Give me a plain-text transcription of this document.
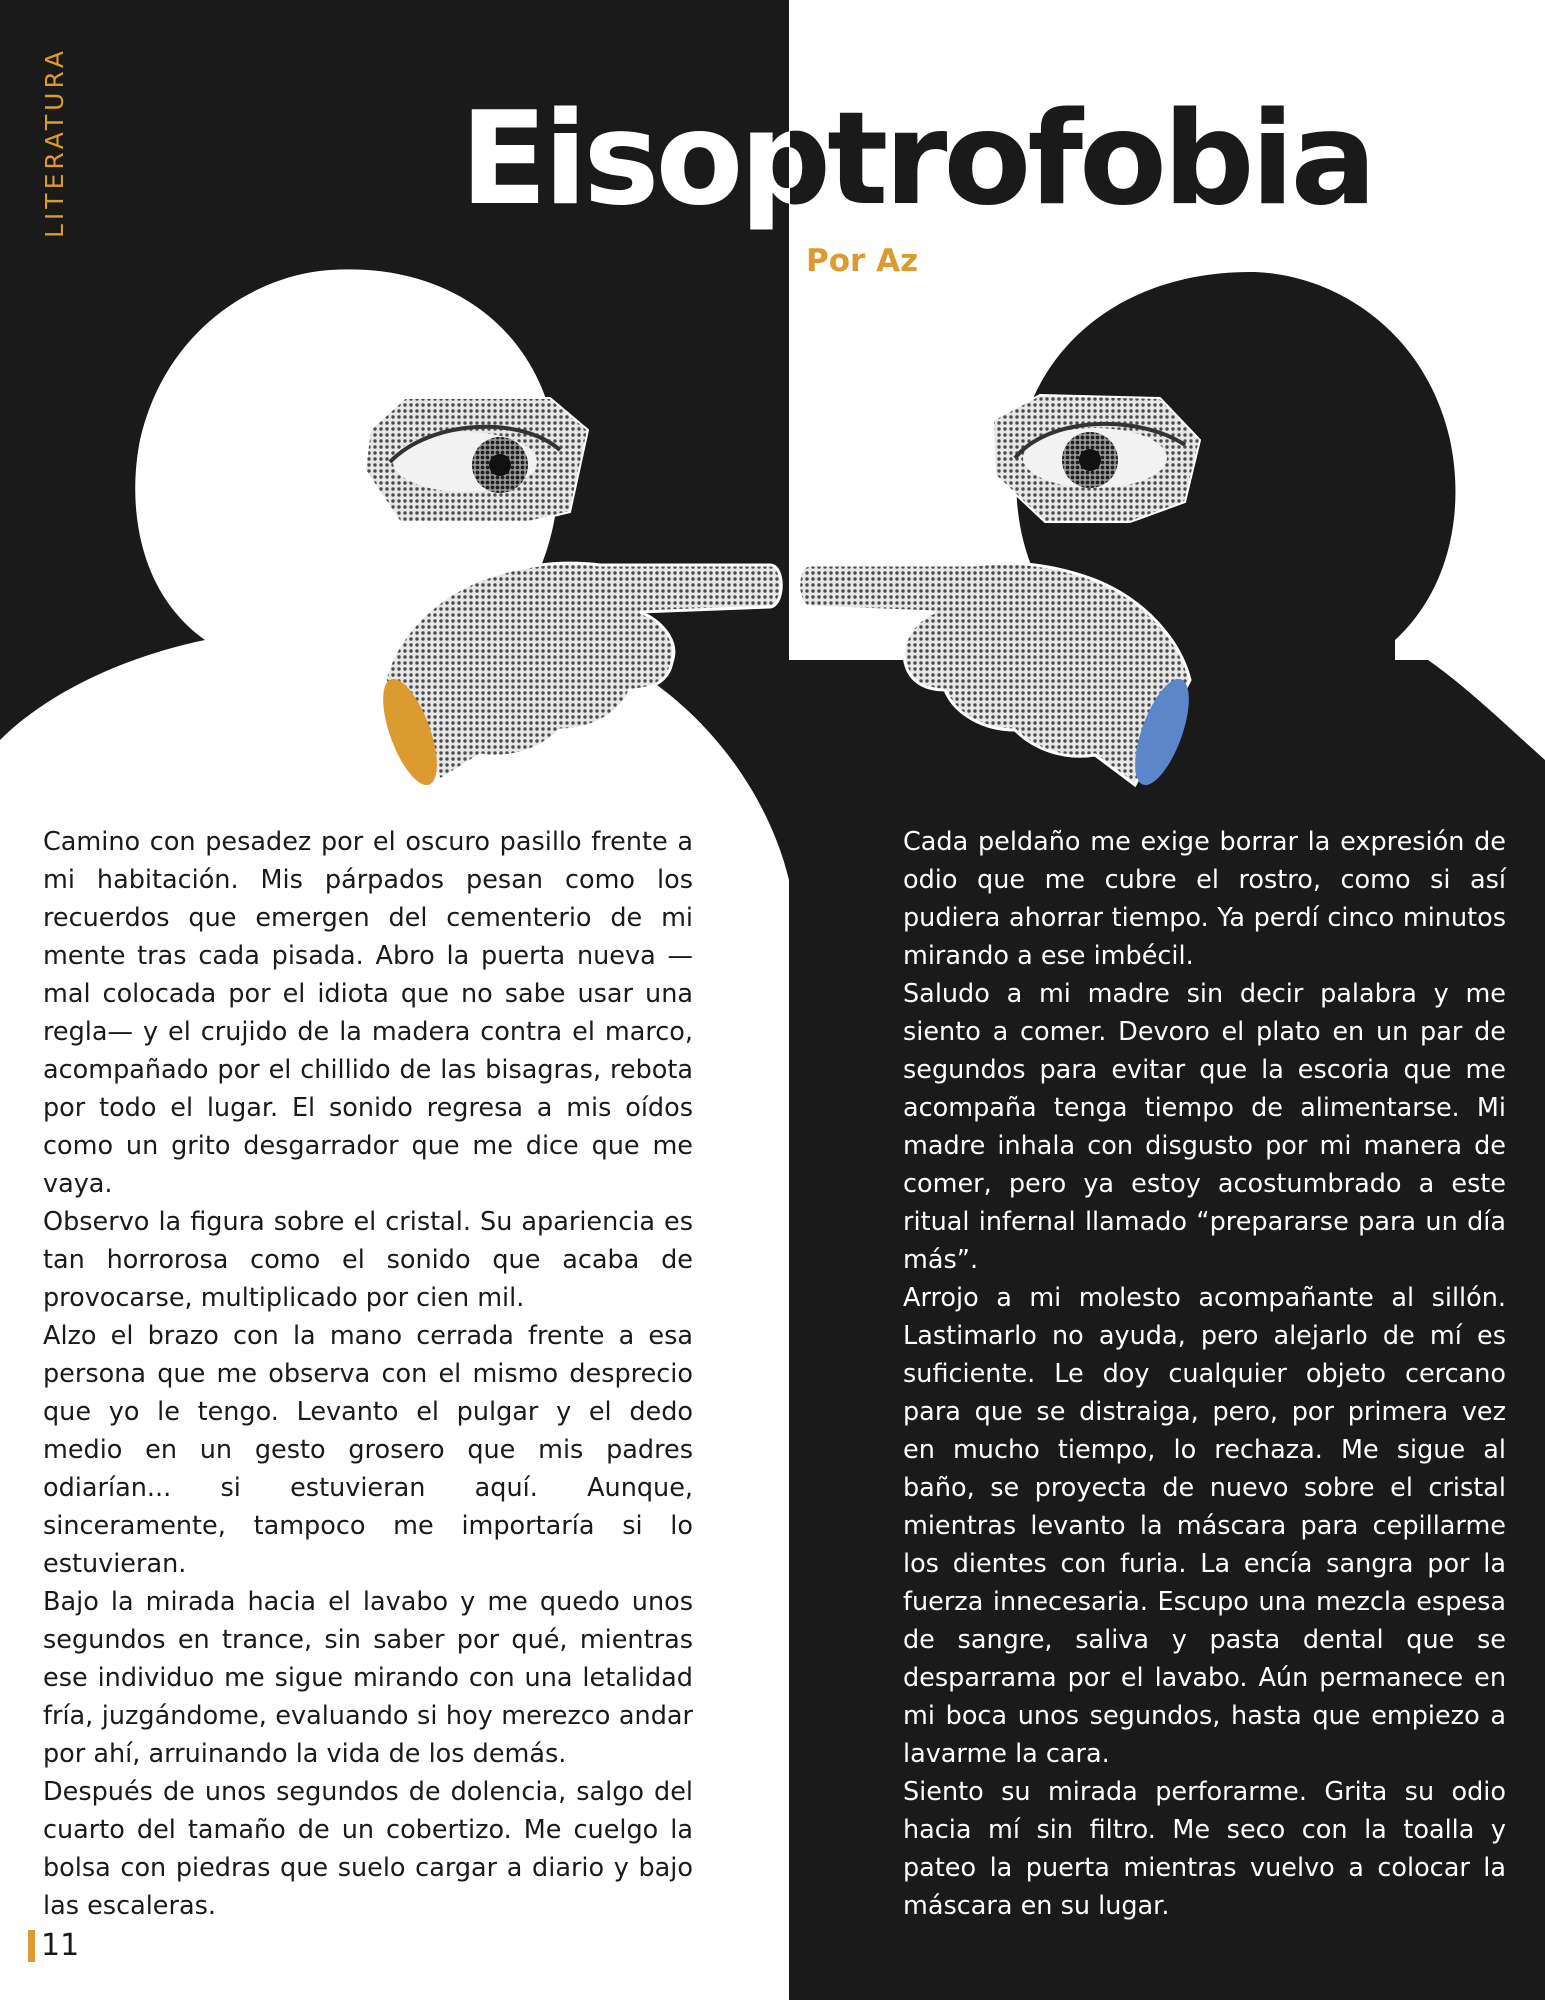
LITERATURA	Eisoptrofobia
Por Az

Camino con pesadez por el oscuro pasillo frente a mi habitación. Mis párpados pesan como los recuerdos que emergen del cementerio de mi mente tras cada pisada. Abro la puerta nueva —mal colocada por el idiota que no sabe usar una regla— y el crujido de la madera contra el marco, acompañado por el chillido de las bisagras, rebota por todo el lugar. El sonido regresa a mis oídos como un grito desgarrador que me dice que me vaya.

Observo la figura sobre el cristal. Su apariencia es tan horrorosa como el sonido que acaba de provocarse, multiplicado por cien mil.

Alzo el brazo con la mano cerrada frente a esa persona que me observa con el mismo desprecio que yo le tengo. Levanto el pulgar y el dedo medio en un gesto grosero que mis padres odiarían... si estuvieran aquí. Aunque, sinceramente, tampoco me importaría si lo estuvieran.

Bajo la mirada hacia el lavabo y me quedo unos segundos en trance, sin saber por qué, mientras ese individuo me sigue mirando con una letalidad fría, juzgándome, evaluando si hoy merezco andar por ahí, arruinando la vida de los demás.

Después de unos segundos de dolencia, salgo del cuarto del tamaño de un cobertizo. Me cuelgo la bolsa con piedras que suelo cargar a diario y bajo las escaleras.

Cada peldaño me exige borrar la expresión de odio que me cubre el rostro, como si así pudiera ahorrar tiempo. Ya perdí cinco minutos mirando a ese imbécil.

Saludo a mi madre sin decir palabra y me siento a comer. Devoro el plato en un par de segundos para evitar que la escoria que me acompaña tenga tiempo de alimentarse. Mi madre inhala con disgusto por mi manera de comer, pero ya estoy acostumbrado a este ritual infernal llamado “prepararse para un día más”.

Arrojo a mi molesto acompañante al sillón. Lastimarlo no ayuda, pero alejarlo de mí es suficiente. Le doy cualquier objeto cercano para que se distraiga, pero, por primera vez en mucho tiempo, lo rechaza. Me sigue al baño, se proyecta de nuevo sobre el cristal mientras levanto la máscara para cepillarme los dientes con furia. La encía sangra por la fuerza innecesaria. Escupo una mezcla espesa de sangre, saliva y pasta dental que se desparrama por el lavabo. Aún permanece en mi boca unos segundos, hasta que empiezo a lavarme la cara.

Siento su mirada perforarme. Grita su odio hacia mí sin filtro. Me seco con la toalla y pateo la puerta mientras vuelvo a colocar la máscara en su lugar.

11
